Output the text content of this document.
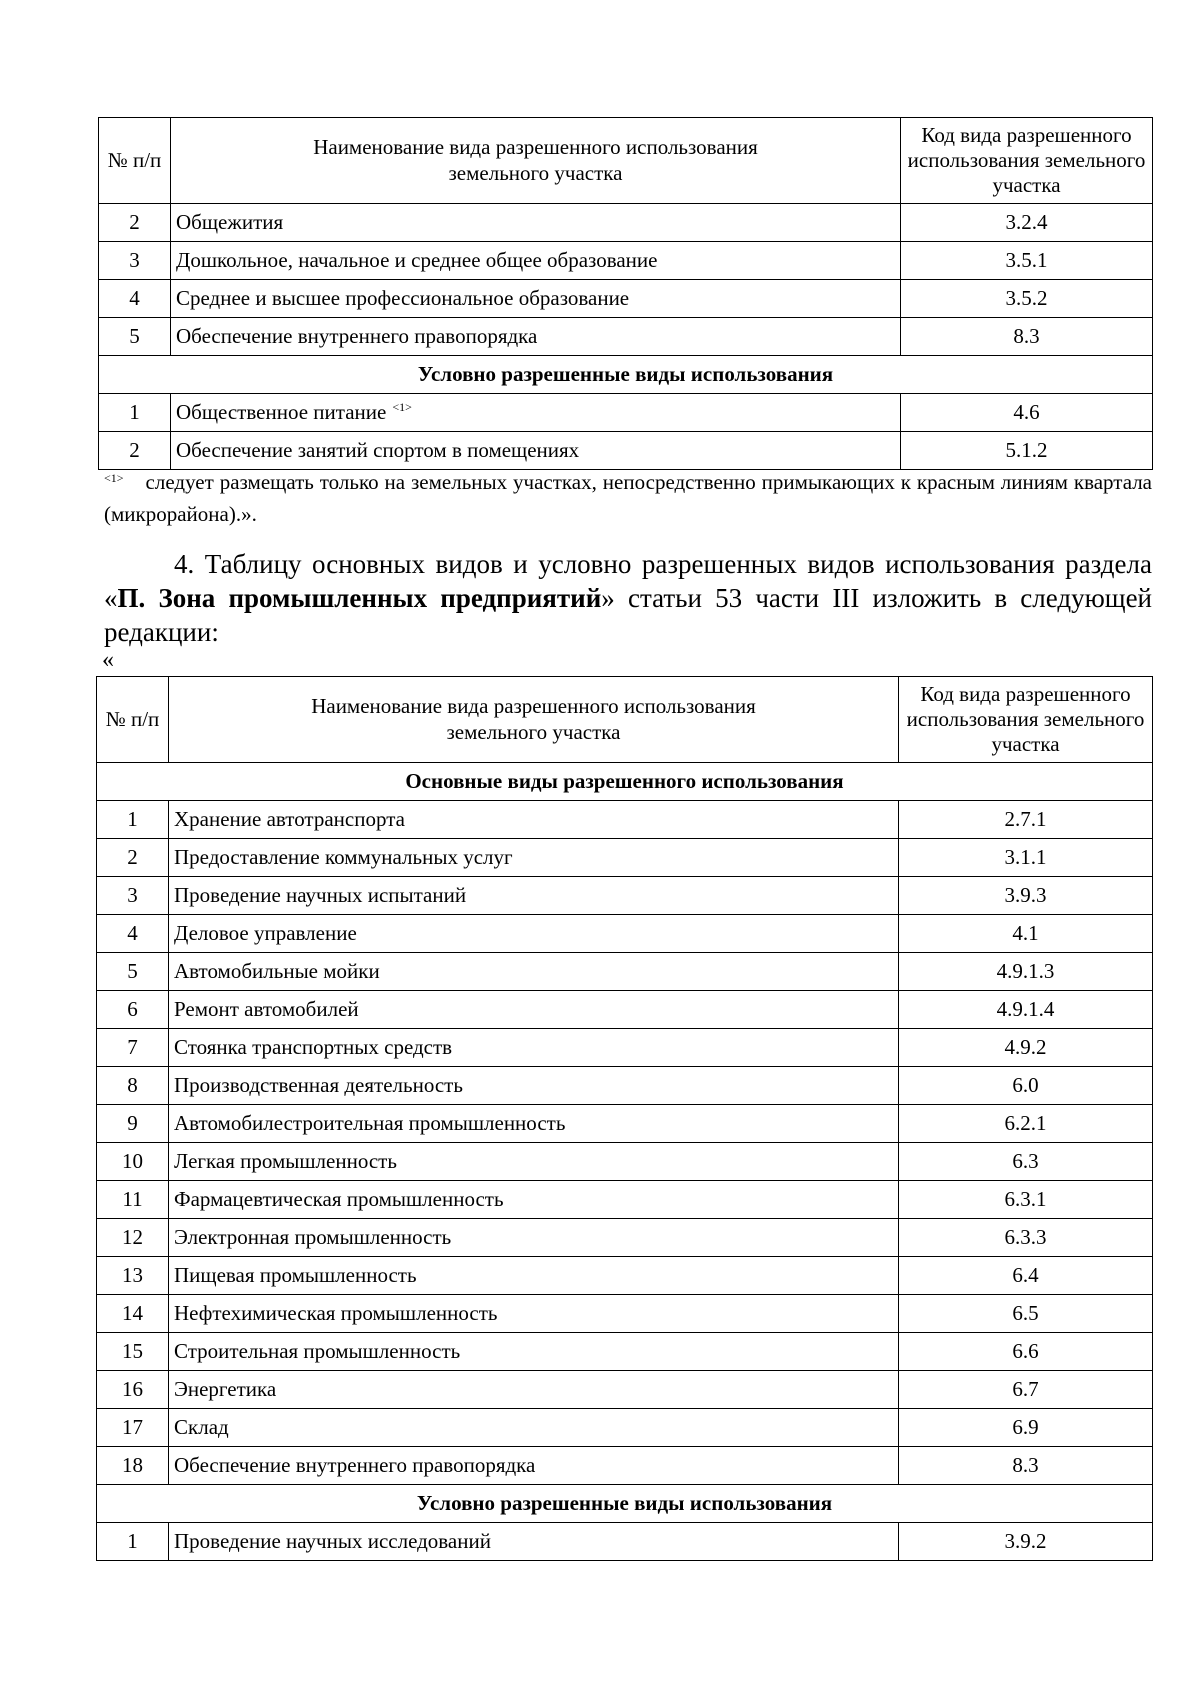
№ п/п	Наименование вида разрешенного использования земельного участка	Код вида разрешенного использования земельного участка
2	Общежития	3.2.4
3	Дошкольное, начальное и среднее общее образование	3.5.1
4	Среднее и высшее профессиональное образование	3.5.2
5	Обеспечение внутреннего правопорядка	8.3
Условно разрешенные виды использования		
1	Общественное питание $^{<1>}$	4.6
2	Обеспечение занятий спортом в помещениях	5.1.2
$^{<1>}$ следует размещать только на земельных участках, непосредственно примыкающих к красным линиям квартала (микрорайона).».
4. Таблицу основных видов и условно разрешенных видов использования раздела «П. Зона промышленных предприятий» статьи 53 части III изложить в следующей редакции:
«
№ п/п	Наименование вида разрешенного использования земельного участка	Код вида разрешенного использования земельного участка
Основные виды разрешенного использования		
1	Хранение автотранспорта	2.7.1
2	Предоставление коммунальных услуг	3.1.1
3	Проведение научных испытаний	3.9.3
4	Деловое управление	4.1
5	Автомобильные мойки	4.9.1.3
6	Ремонт автомобилей	4.9.1.4
7	Стоянка транспортных средств	4.9.2
8	Производственная деятельность	6.0
9	Автомобилестроительная промышленность	6.2.1
10	Легкая промышленность	6.3
11	Фармацевтическая промышленность	6.3.1
12	Электронная промышленность	6.3.3
13	Пищевая промышленность	6.4
14	Нефтехимическая промышленность	6.5
15	Строительная промышленность	6.6
16	Энергетика	6.7
17	Склад	6.9
18	Обеспечение внутреннего правопорядка	8.3
Условно разрешенные виды использования		
1	Проведение научных исследований	3.9.2
